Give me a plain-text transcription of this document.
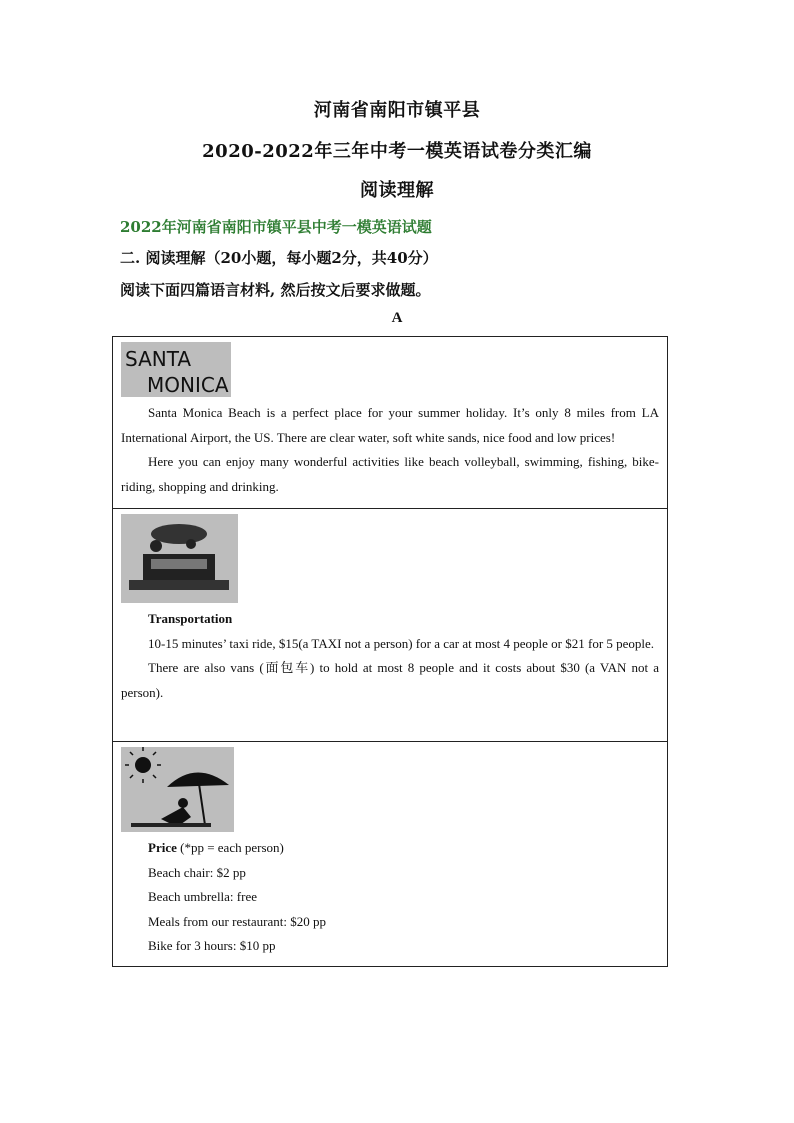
河南省南阳市镇平县
2020-2022年三年中考一模英语试卷分类汇编
阅读理解
2022年河南省南阳市镇平县中考一模英语试题
二. 阅读理解（20小题，每小题2分，共40分）
阅读下面四篇语言材料, 然后按文后要求做题。
A
SANTA
MONICA

Santa Monica Beach is a perfect place for your summer holiday. It’s only 8 miles from LA International Airport, the US. There are clear water, soft white sands, nice food and low prices!

Here you can enjoy many wonderful activities like beach volleyball, swimming, fishing, bike-riding, shopping and drinking.

Transportation

10-15 minutes’ taxi ride, $15(a TAXI not a person) for a car at most 4 people or $21 for 5 people.

There are also vans (面包车) to hold at most 8 people and it costs about $30 (a VAN not a person).

Price (*pp = each person)

Beach chair: $2 pp

Beach umbrella: free

Meals from our restaurant: $20 pp

Bike for 3 hours: $10 pp
